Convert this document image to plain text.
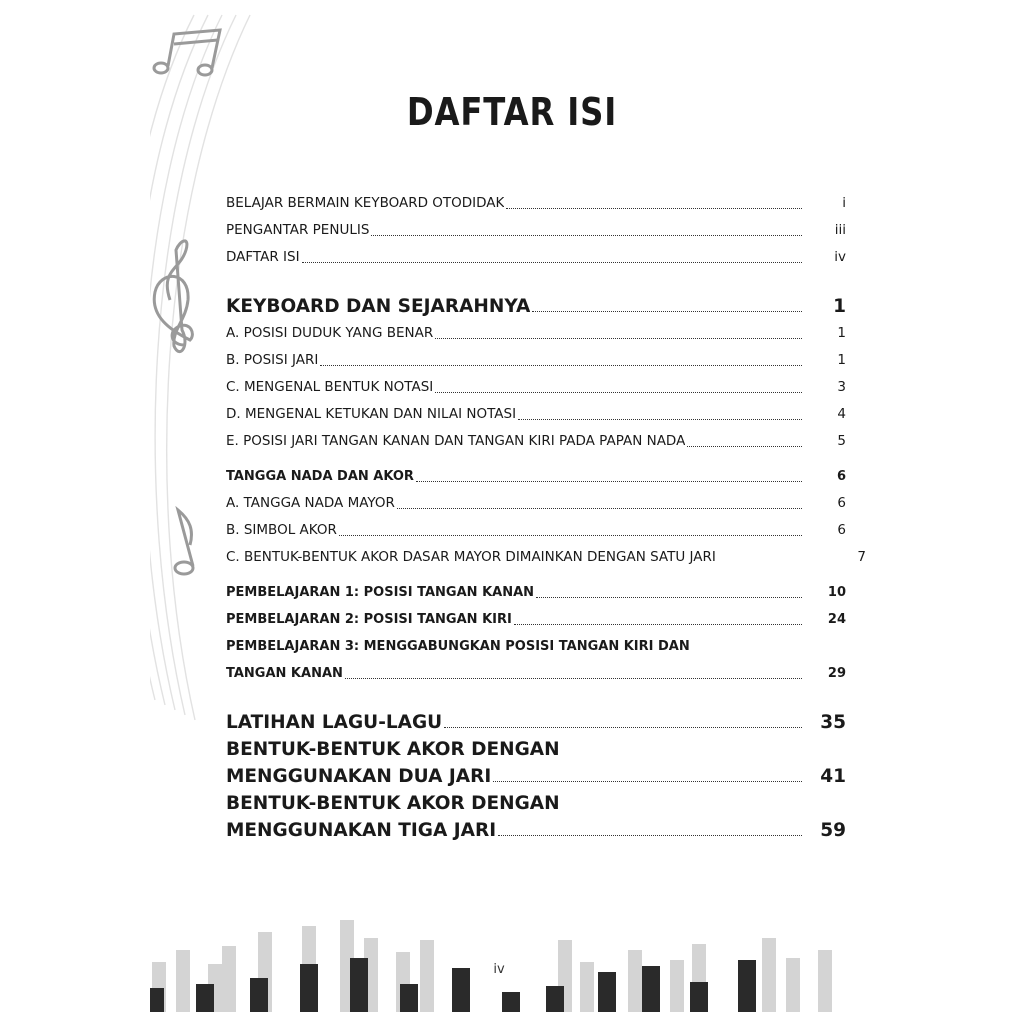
DAFTAR ISI
BELAJAR BERMAIN KEYBOARD OTODIDAK	i
PENGANTAR PENULIS	iii
DAFTAR ISI	iv
KEYBOARD DAN SEJARAHNYA	1
A. POSISI DUDUK YANG BENAR	1
B. POSISI JARI	1
C. MENGENAL BENTUK NOTASI	3
D. MENGENAL KETUKAN DAN NILAI NOTASI	4
E. POSISI JARI TANGAN KANAN DAN TANGAN KIRI PADA PAPAN NADA	5
TANGGA NADA DAN AKOR	6
A. TANGGA NADA MAYOR	6
B. SIMBOL AKOR	6
C. BENTUK-BENTUK AKOR DASAR MAYOR DIMAINKAN DENGAN SATU JARI	7
PEMBELAJARAN 1: POSISI TANGAN KANAN	10
PEMBELAJARAN 2: POSISI TANGAN KIRI	24
PEMBELAJARAN 3: MENGGABUNGKAN POSISI TANGAN KIRI DAN
TANGAN KANAN	29
LATIHAN LAGU-LAGU	35
BENTUK-BENTUK AKOR DENGAN
MENGGUNAKAN DUA JARI	41
BENTUK-BENTUK AKOR DENGAN
MENGGUNAKAN TIGA JARI	59
iv
